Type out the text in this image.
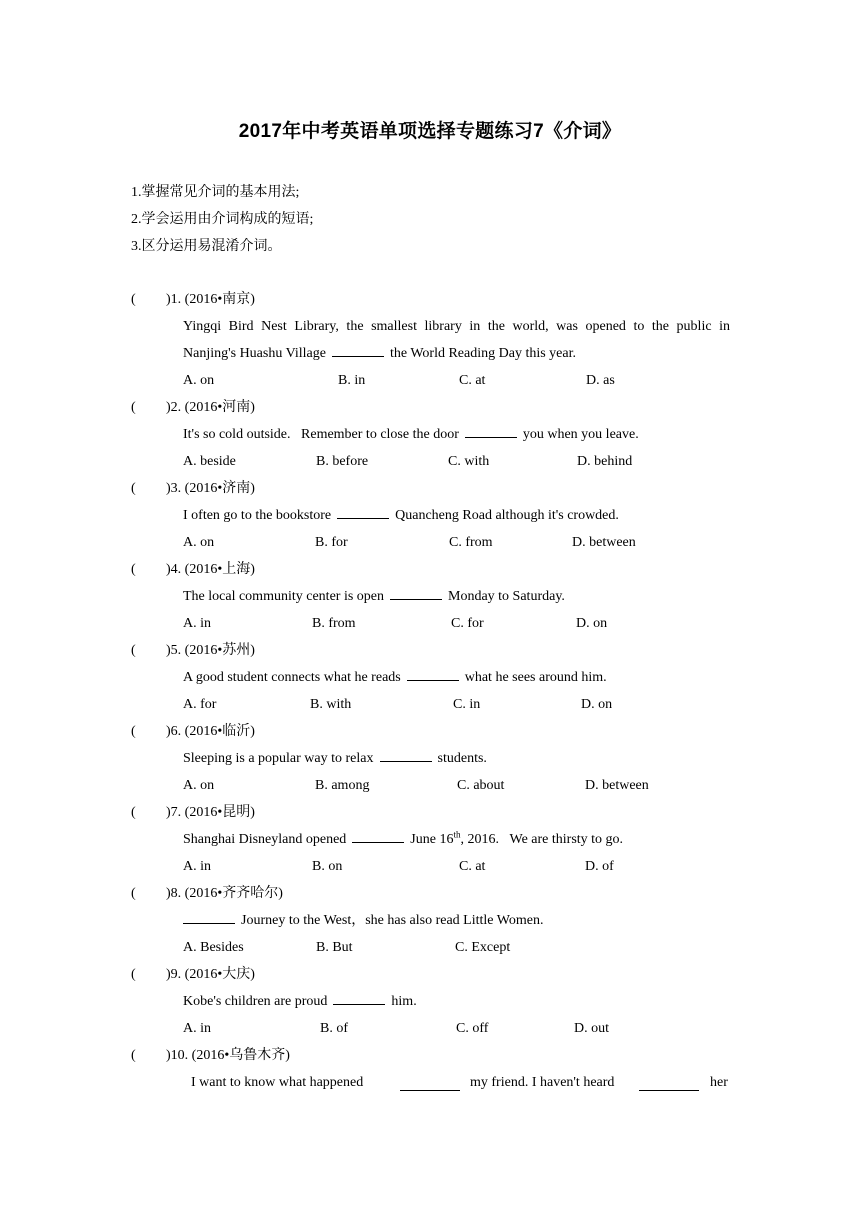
2017年中考英语单项选择专题练习7《介词》
1.掌握常见介词的基本用法;
2.学会运用由介词构成的短语;
3.区分运用易混淆介词。
( )1. (2016•南京)
Yingqi Bird Nest Library, the smallest library in the world, was opened to the public in
Nanjing's Huashu Village	the World Reading Day this year.
A. on	B. in	C. at	D. as
( )2. (2016•河南)
It's so cold outside.   Remember to close the door	you when you leave.
A. beside	B. before	C. with	D. behind
( )3. (2016•济南)
I often go to the bookstore	Quancheng Road although it's crowded.
A. on	B. for	C. from	D. between
( )4. (2016•上海)
The local community center is open	Monday to Saturday.
A. in	B. from	C. for	D. on
( )5. (2016•苏州)
A good student connects what he reads	what he sees around him.
A. for	B. with	C. in	D. on
( )6. (2016•临沂)
Sleeping is a popular way to relax	students.
A. on	B. among	C. about	D. between
( )7. (2016•昆明)
Shanghai Disneyland opened	June 16th, 2016.   We are thirsty to go.
A. in	B. on	C. at	D. of
( )8. (2016•齐齐哈尔)
Journey to the West，she has also read Little Women.
A. Besides	B. But	C. Except
( )9. (2016•大庆)
Kobe's children are proud	him.
A. in	B. of	C. off	D. out
( )10. (2016•乌鲁木齐)
I want to know what happened	my friend. I haven't heard	her
